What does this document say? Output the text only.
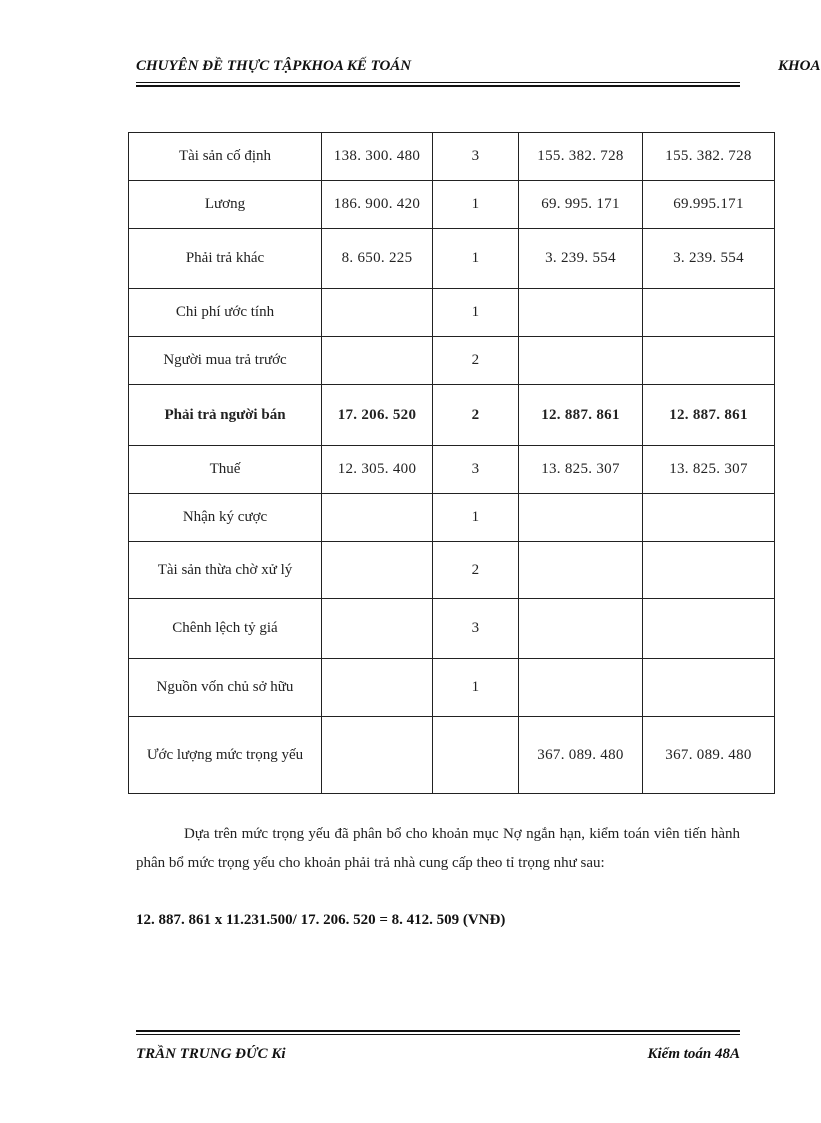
CHUYÊN ĐỀ THỰC TẬPKHOA KẾ TOÁN	KHOA
Tài sản cố định	138. 300. 480	3	155. 382. 728	155. 382. 728
Lương	186. 900. 420	1	69. 995. 171	69.995.171
Phải trả khác	8. 650. 225	1	3. 239. 554	3. 239. 554
Chi phí ước tính		1		
Người mua trả trước		2		
Phải trả người bán	17. 206. 520	2	12. 887. 861	12. 887. 861
Thuế	12. 305. 400	3	13. 825. 307	13. 825. 307
Nhận ký cược		1		
Tài sản thừa chờ xử lý		2		
Chênh lệch tỷ giá		3		
Nguồn vốn chủ sở hữu		1		
Ước lượng mức trọng yếu			367. 089. 480	367. 089. 480
Dựa trên mức trọng yếu đã phân bổ cho khoản mục Nợ ngắn hạn, kiểm toán viên tiến hành phân bổ mức trọng yếu cho khoản phải trả nhà cung cấp theo tỉ trọng như sau:
12. 887. 861 x 11.231.500/ 17. 206. 520 = 8. 412. 509 (VNĐ)
TRẦN TRUNG ĐỨC Ki	Kiểm toán 48A
